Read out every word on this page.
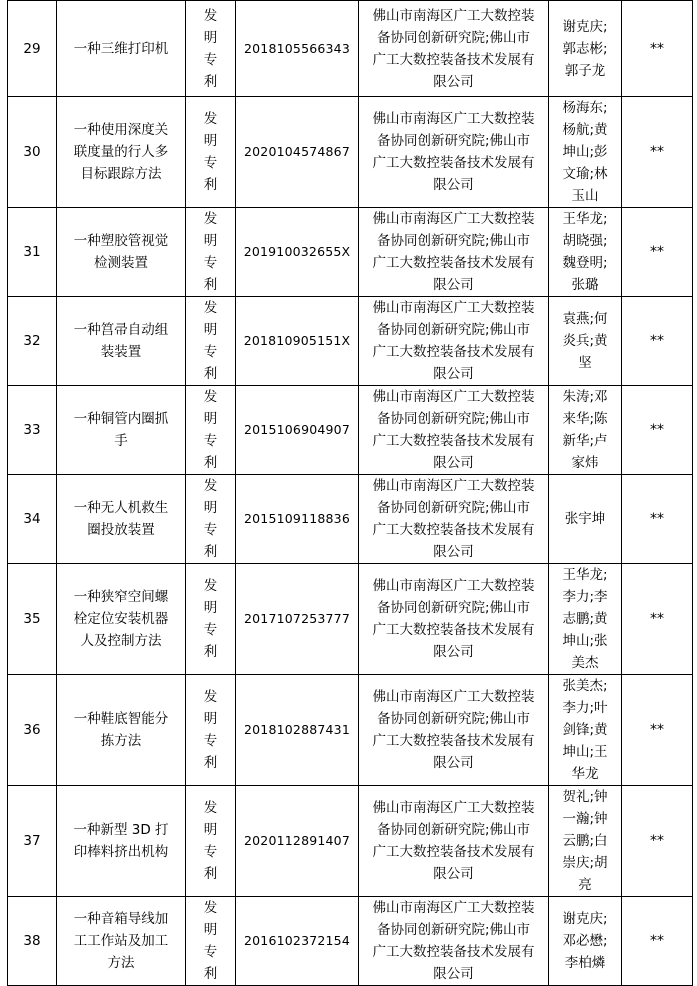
29	一种三维打印机	发明专利	2018105566343	佛山市南海区广工大数控装备协同创新研究院;佛山市广工大数控装备技术发展有限公司	谢克庆;郭志彬;郭子龙	**
30	一种使用深度关联度量的行人多目标跟踪方法	发明专利	2020104574867	佛山市南海区广工大数控装备协同创新研究院;佛山市广工大数控装备技术发展有限公司	杨海东;杨航;黄坤山;彭文瑜;林玉山	**
31	一种塑胶管视觉检测装置	发明专利	201910032655X	佛山市南海区广工大数控装备协同创新研究院;佛山市广工大数控装备技术发展有限公司	王华龙;胡晓强;魏登明;张璐	**
32	一种筥帚自动组装装置	发明专利	201810905151X	佛山市南海区广工大数控装备协同创新研究院;佛山市广工大数控装备技术发展有限公司	袁燕;何炎兵;黄坚	**
33	一种铜管内圈抓手	发明专利	2015106904907	佛山市南海区广工大数控装备协同创新研究院;佛山市广工大数控装备技术发展有限公司	朱涛;邓来华;陈新华;卢家炜	**
34	一种无人机救生圈投放装置	发明专利	2015109118836	佛山市南海区广工大数控装备协同创新研究院;佛山市广工大数控装备技术发展有限公司	张宇坤	**
35	一种狭窄空间螺栓定位安装机器人及控制方法	发明专利	2017107253777	佛山市南海区广工大数控装备协同创新研究院;佛山市广工大数控装备技术发展有限公司	王华龙;李力;李志鹏;黄坤山;张美杰	**
36	一种鞋底智能分拣方法	发明专利	2018102887431	佛山市南海区广工大数控装备协同创新研究院;佛山市广工大数控装备技术发展有限公司	张美杰;李力;叶剑锋;黄坤山;王华龙	**
37	一种新型 3D 打印棒料挤出机构	发明专利	2020112891407	佛山市南海区广工大数控装备协同创新研究院;佛山市广工大数控装备技术发展有限公司	贺礼;钟一瀚;钟云鹏;白崇庆;胡亮	**
38	一种音箱导线加工工作站及加工方法	发明专利	2016102372154	佛山市南海区广工大数控装备协同创新研究院;佛山市广工大数控装备技术发展有限公司	谢克庆;邓必懋;李柏燐	**
